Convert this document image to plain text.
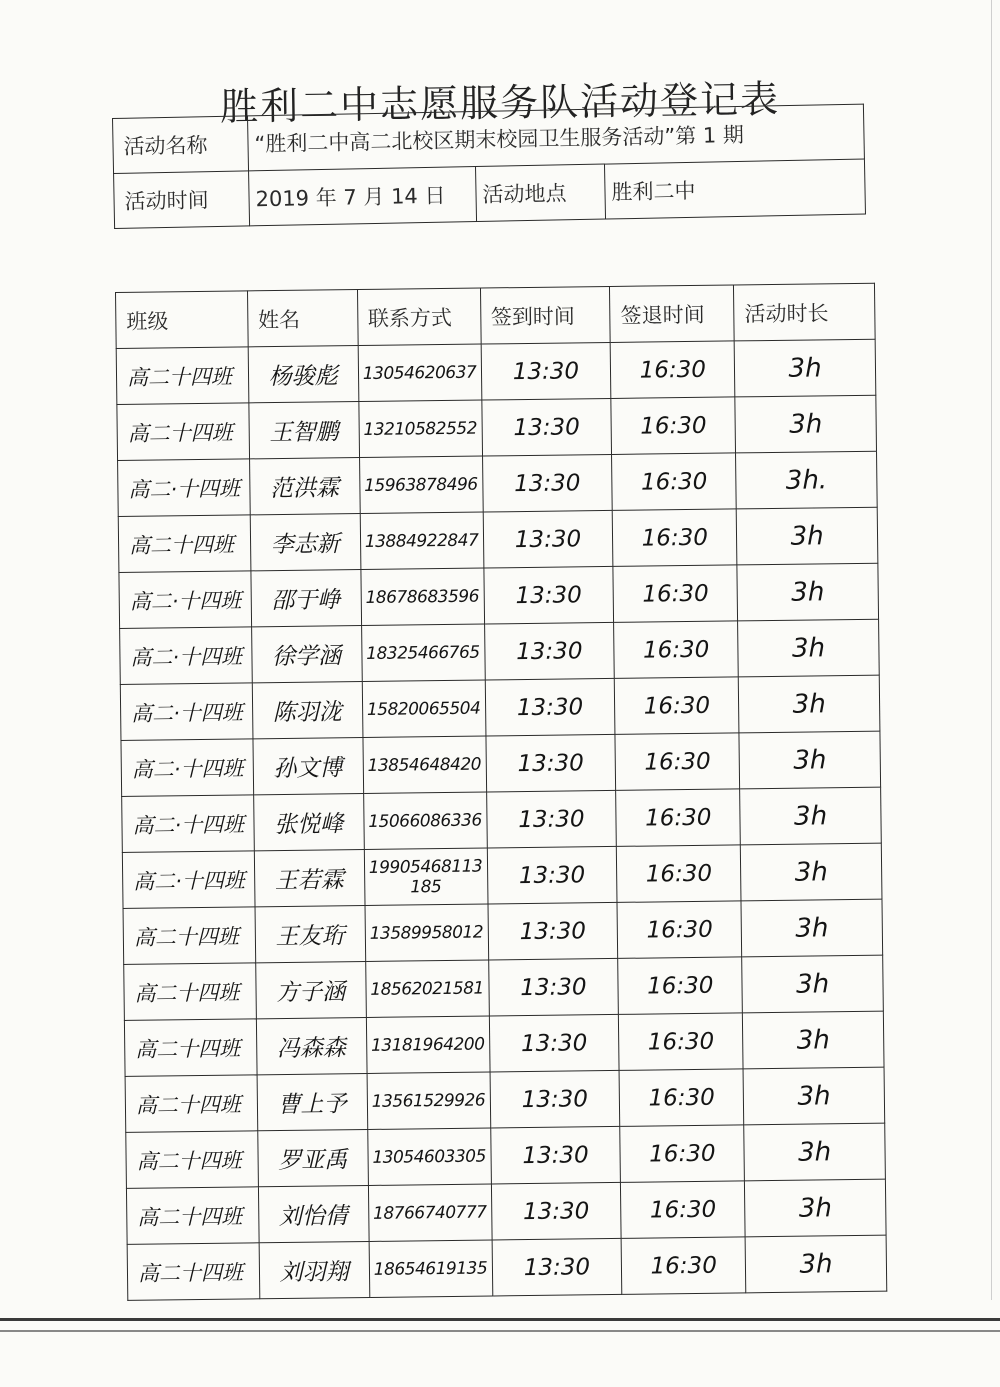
胜利二中志愿服务队活动登记表
活动名称	“胜利二中高二北校区期末校园卫生服务活动”第 1 期		
活动时间	2019 年 7 月 14 日	活动地点	胜利二中
班级	姓名	联系方式	签到时间	签退时间	活动时长
高二十四班	杨骏彪	13054620637	13:30	16:30	3h
高二十四班	王智鹏	13210582552	13:30	16:30	3h
高二·十四班	范洪霖	15963878496	13:30	16:30	3h.
高二十四班	李志新	13884922847	13:30	16:30	3h
高二·十四班	邵于峥	18678683596	13:30	16:30	3h
高二·十四班	徐学涵	18325466765	13:30	16:30	3h
高二·十四班	陈羽泷	15820065504	13:30	16:30	3h
高二·十四班	孙文博	13854648420	13:30	16:30	3h
高二·十四班	张悦峰	15066086336	13:30	16:30	3h
高二·十四班	王若霖	19905468113 185	13:30	16:30	3h
高二十四班	王友珩	13589958012	13:30	16:30	3h
高二十四班	方子涵	18562021581	13:30	16:30	3h
高二十四班	冯森森	13181964200	13:30	16:30	3h
高二十四班	曹上予	13561529926	13:30	16:30	3h
高二十四班	罗亚禹	13054603305	13:30	16:30	3h
高二十四班	刘怡倩	18766740777	13:30	16:30	3h
高二十四班	刘羽翔	18654619135	13:30	16:30	3h
